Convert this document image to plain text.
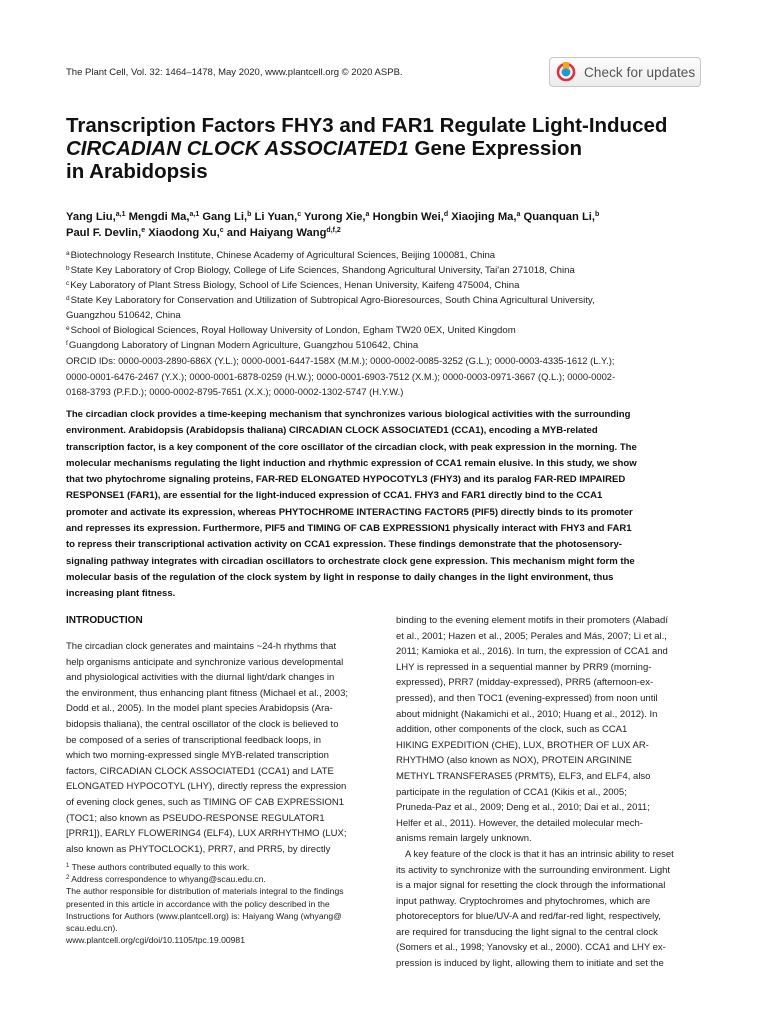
The Plant Cell, Vol. 32: 1464–1478, May 2020, www.plantcell.org © 2020 ASPB.	Check for updates
Transcription Factors FHY3 and FAR1 Regulate Light-Induced
CIRCADIAN CLOCK ASSOCIATED1 Gene Expression
in Arabidopsis
Yang Liu,$^{a,1}$ Mengdi Ma,$^{a,1}$ Gang Li,$^b$ Li Yuan,$^c$ Yurong Xie,$^a$ Hongbin Wei,$^d$ Xiaojing Ma,$^a$ Quanquan Li,$^b$
Paul F. Devlin,$^e$ Xiaodong Xu,$^c$ and Haiyang Wang$^{d,f,2}$
$^a$Biotechnology Research Institute, Chinese Academy of Agricultural Sciences, Beijing 100081, China
$^b$State Key Laboratory of Crop Biology, College of Life Sciences, Shandong Agricultural University, Tai'an 271018, China
$^c$Key Laboratory of Plant Stress Biology, School of Life Sciences, Henan University, Kaifeng 475004, China
$^d$State Key Laboratory for Conservation and Utilization of Subtropical Agro-Bioresources, South China Agricultural University,
Guangzhou 510642, China
$^e$School of Biological Sciences, Royal Holloway University of London, Egham TW20 0EX, United Kingdom
$^f$Guangdong Laboratory of Lingnan Modern Agriculture, Guangzhou 510642, China
ORCID IDs: 0000-0003-2890-686X (Y.L.); 0000-0001-6447-158X (M.M.); 0000-0002-0085-3252 (G.L.); 0000-0003-4335-1612 (L.Y.);
0000-0001-6476-2467 (Y.X.); 0000-0001-6878-0259 (H.W.); 0000-0001-6903-7512 (X.M.); 0000-0003-0971-3667 (Q.L.); 0000-0002-
0168-3793 (P.F.D.); 0000-0002-8795-7651 (X.X.); 0000-0002-1302-5747 (H.Y.W.)
The circadian clock provides a time-keeping mechanism that synchronizes various biological activities with the surrounding
environment. Arabidopsis (Arabidopsis thaliana) CIRCADIAN CLOCK ASSOCIATED1 (CCA1), encoding a MYB-related
transcription factor, is a key component of the core oscillator of the circadian clock, with peak expression in the morning. The
molecular mechanisms regulating the light induction and rhythmic expression of CCA1 remain elusive. In this study, we show
that two phytochrome signaling proteins, FAR-RED ELONGATED HYPOCOTYL3 (FHY3) and its paralog FAR-RED IMPAIRED
RESPONSE1 (FAR1), are essential for the light-induced expression of CCA1. FHY3 and FAR1 directly bind to the CCA1
promoter and activate its expression, whereas PHYTOCHROME INTERACTING FACTOR5 (PIF5) directly binds to its promoter
and represses its expression. Furthermore, PIF5 and TIMING OF CAB EXPRESSION1 physically interact with FHY3 and FAR1
to repress their transcriptional activation activity on CCA1 expression. These findings demonstrate that the photosensory-
signaling pathway integrates with circadian oscillators to orchestrate clock gene expression. This mechanism might form the
molecular basis of the regulation of the clock system by light in response to daily changes in the light environment, thus
increasing plant fitness.
INTRODUCTION
The circadian clock generates and maintains ~24-h rhythms that
help organisms anticipate and synchronize various developmental
and physiological activities with the diurnal light/dark changes in
the environment, thus enhancing plant fitness (Michael et al., 2003;
Dodd et al., 2005). In the model plant species Arabidopsis (Ara-
bidopsis thaliana), the central oscillator of the clock is believed to
be composed of a series of transcriptional feedback loops, in
which two morning-expressed single MYB-related transcription
factors, CIRCADIAN CLOCK ASSOCIATED1 (CCA1) and LATE
ELONGATED HYPOCOTYL (LHY), directly repress the expression
of evening clock genes, such as TIMING OF CAB EXPRESSION1
(TOC1; also known as PSEUDO-RESPONSE REGULATOR1
[PRR1]), EARLY FLOWERING4 (ELF4), LUX ARRHYTHMO (LUX;
also known as PHYTOCLOCK1), PRR7, and PRR5, by directly
$^1$ These authors contributed equally to this work.
$^2$ Address correspondence to whyang@scau.edu.cn.
The author responsible for distribution of materials integral to the findings
presented in this article in accordance with the policy described in the
Instructions for Authors (www.plantcell.org) is: Haiyang Wang (whyang@
scau.edu.cn).
www.plantcell.org/cgi/doi/10.1105/tpc.19.00981
binding to the evening element motifs in their promoters (Alabadí
et al., 2001; Hazen et al., 2005; Perales and Más, 2007; Li et al.,
2011; Kamioka et al., 2016). In turn, the expression of CCA1 and
LHY is repressed in a sequential manner by PRR9 (morning-
expressed), PRR7 (midday-expressed), PRR5 (afternoon-ex-
pressed), and then TOC1 (evening-expressed) from noon until
about midnight (Nakamichi et al., 2010; Huang et al., 2012). In
addition, other components of the clock, such as CCA1
HIKING EXPEDITION (CHE), LUX, BROTHER OF LUX AR-
RHYTHMO (also known as NOX), PROTEIN ARGININE
METHYL TRANSFERASE5 (PRMT5), ELF3, and ELF4, also
participate in the regulation of CCA1 (Kikis et al., 2005;
Pruneda-Paz et al., 2009; Deng et al., 2010; Dai et al., 2011;
Helfer et al., 2011). However, the detailed molecular mech-
anisms remain largely unknown.
A key feature of the clock is that it has an intrinsic ability to reset
its activity to synchronize with the surrounding environment. Light
is a major signal for resetting the clock through the informational
input pathway. Cryptochromes and phytochromes, which are
photoreceptors for blue/UV-A and red/far-red light, respectively,
are required for transducing the light signal to the central clock
(Somers et al., 1998; Yanovsky et al., 2000). CCA1 and LHY ex-
pression is induced by light, allowing them to initiate and set the
